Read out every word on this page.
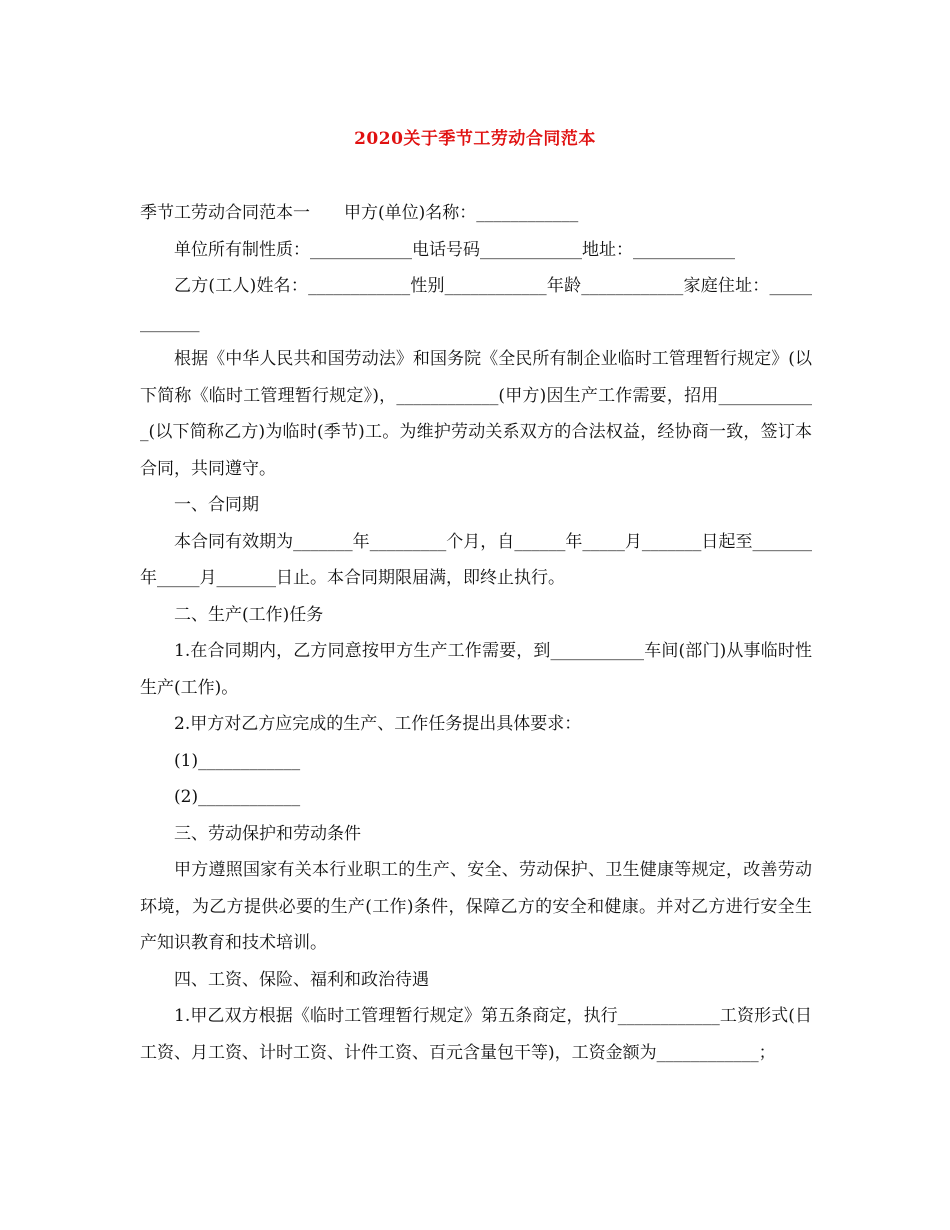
2020关于季节工劳动合同范本

季节工劳动合同范本一　　甲方(单位)名称：____________

单位所有制性质：____________电话号码____________地址：____________

乙方(工人)姓名：____________性别____________年龄____________家庭住址：____________

根据《中华人民共和国劳动法》和国务院《全民所有制企业临时工管理暂行规定》(以下简称《临时工管理暂行规定》)，____________(甲方)因生产工作需要，招用____________(以下简称乙方)为临时(季节)工。为维护劳动关系双方的合法权益，经协商一致，签订本合同，共同遵守。

一、合同期

本合同有效期为_______年_________个月，自______年_____月_______日起至_______年_____月_______日止。本合同期限届满，即终止执行。

二、生产(工作)任务

1.在合同期内，乙方同意按甲方生产工作需要，到___________车间(部门)从事临时性生产(工作)。

2.甲方对乙方应完成的生产、工作任务提出具体要求：

(1)____________

(2)____________

三、劳动保护和劳动条件

甲方遵照国家有关本行业职工的生产、安全、劳动保护、卫生健康等规定，改善劳动环境，为乙方提供必要的生产(工作)条件，保障乙方的安全和健康。并对乙方进行安全生产知识教育和技术培训。

四、工资、保险、福利和政治待遇

1.甲乙双方根据《临时工管理暂行规定》第五条商定，执行____________工资形式(日工资、月工资、计时工资、计件工资、百元含量包干等)，工资金额为____________；
